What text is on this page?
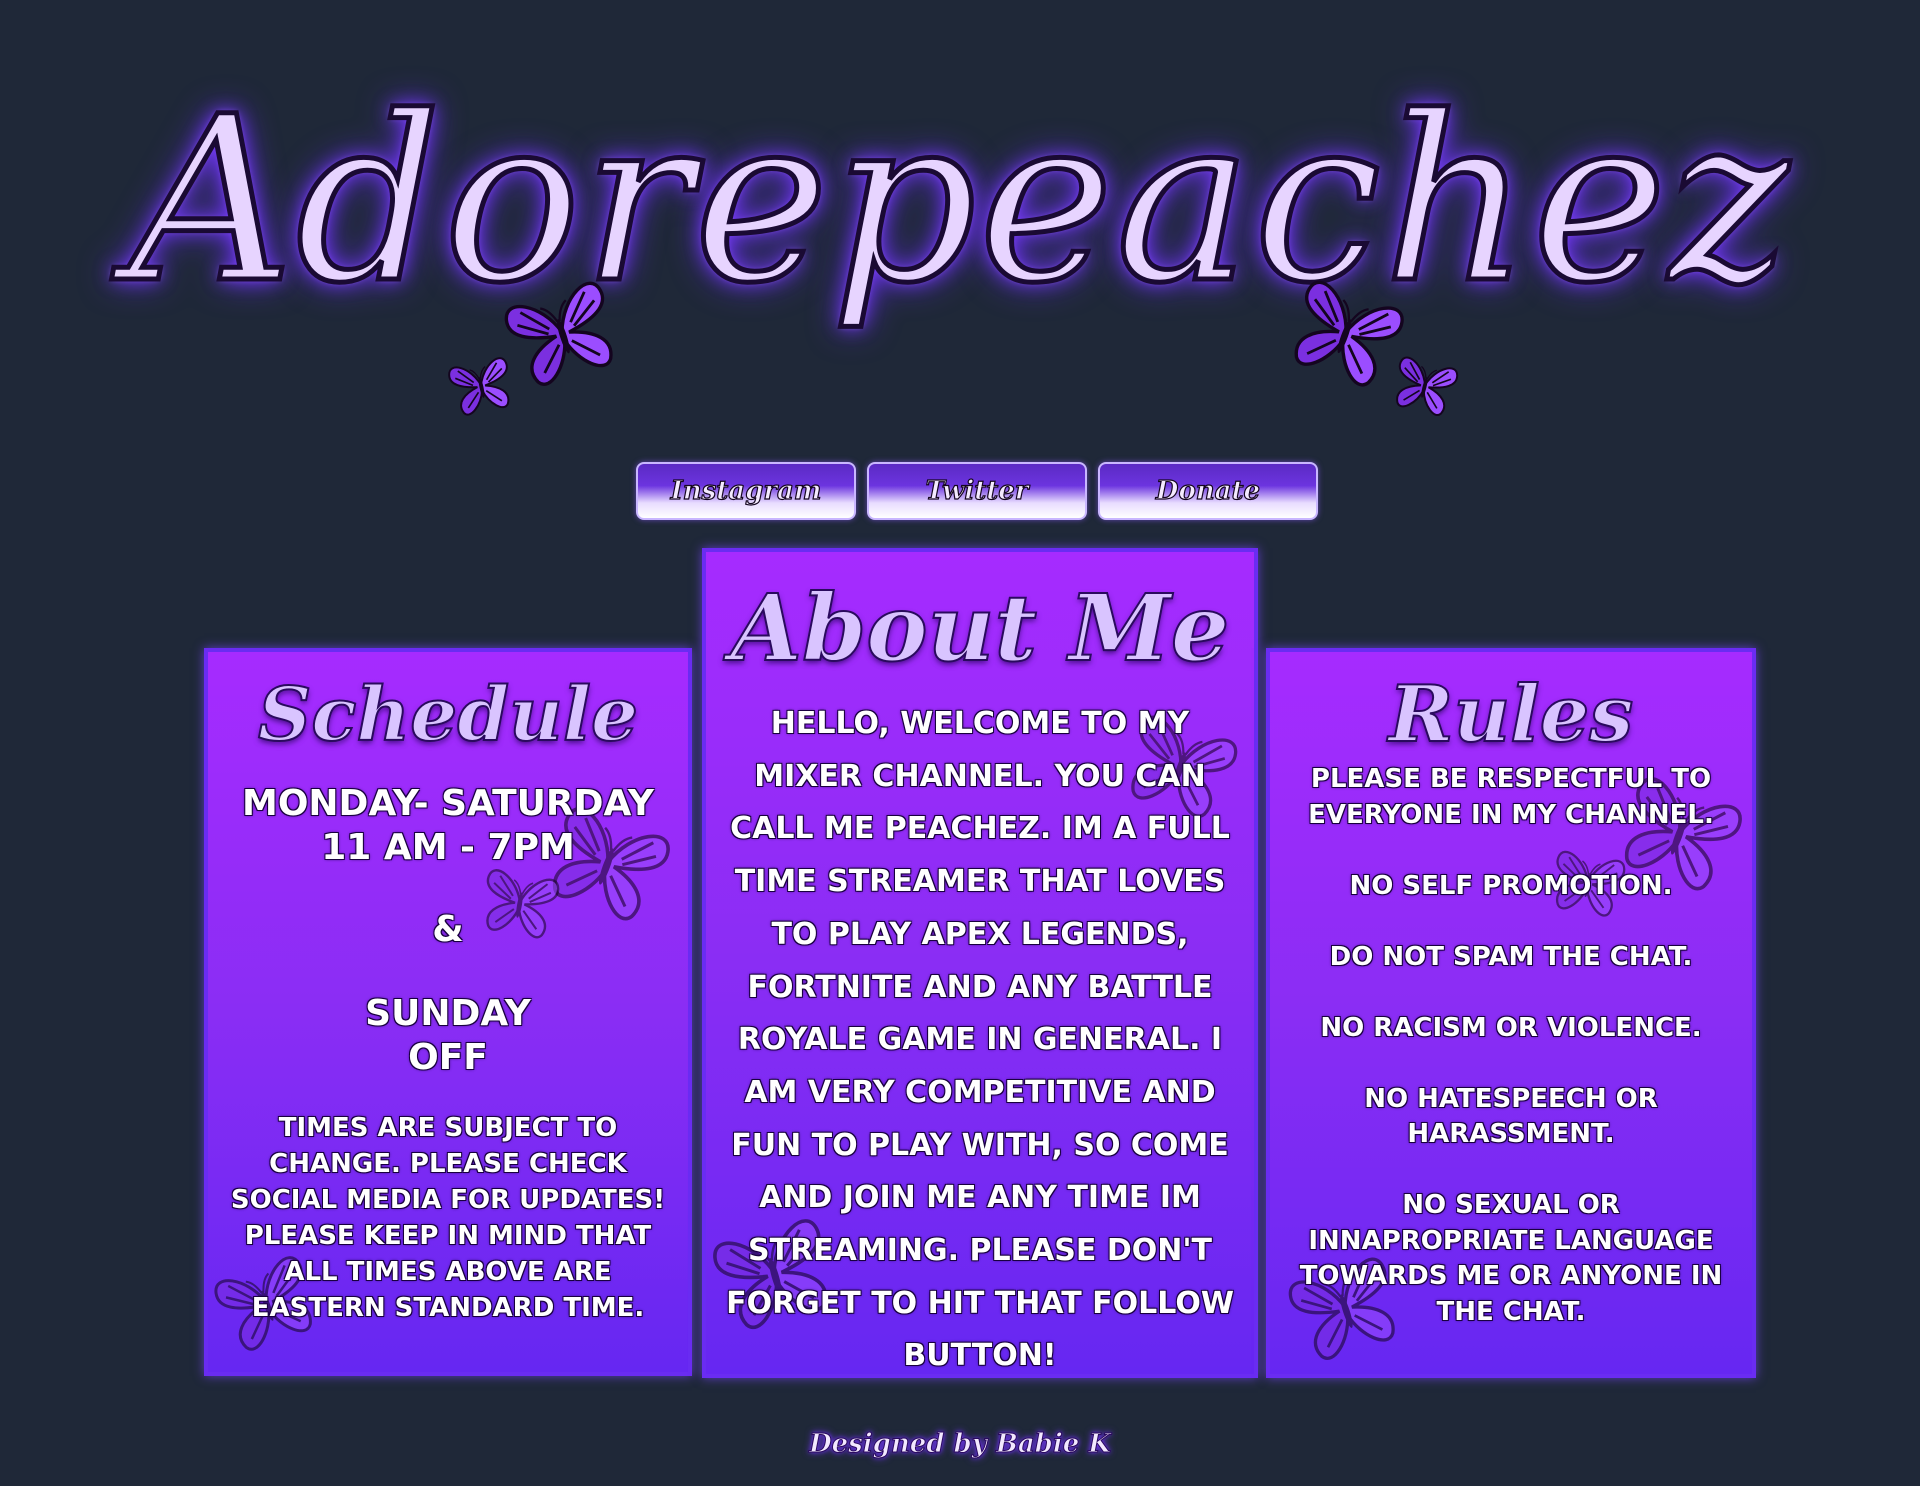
Adorepeachez
Instagram	Twitter	Donate
Schedule

MONDAY- SATURDAY

11 AM - 7PM

&

SUNDAY

OFF

TIMES ARE SUBJECT TO CHANGE. PLEASE CHECK SOCIAL MEDIA FOR UPDATES! PLEASE KEEP IN MIND THAT ALL TIMES ABOVE ARE EASTERN STANDARD TIME.
About Me
HELLO, WELCOME TO MY MIXER CHANNEL. YOU CAN CALL ME PEACHEZ. IM A FULL TIME STREAMER THAT LOVES TO PLAY APEX LEGENDS, FORTNITE AND ANY BATTLE ROYALE GAME IN GENERAL. I AM VERY COMPETITIVE AND FUN TO PLAY WITH, SO COME AND JOIN ME ANY TIME IM STREAMING. PLEASE DON'T FORGET TO HIT THAT FOLLOW BUTTON!
Rules

PLEASE BE RESPECTFUL TO EVERYONE IN MY CHANNEL.

NO SELF PROMOTION.

DO NOT SPAM THE CHAT.

NO RACISM OR VIOLENCE.

NO HATESPEECH OR HARASSMENT.

NO SEXUAL OR INNAPROPRIATE LANGUAGE TOWARDS ME OR ANYONE IN THE CHAT.

Designed by Babie K
